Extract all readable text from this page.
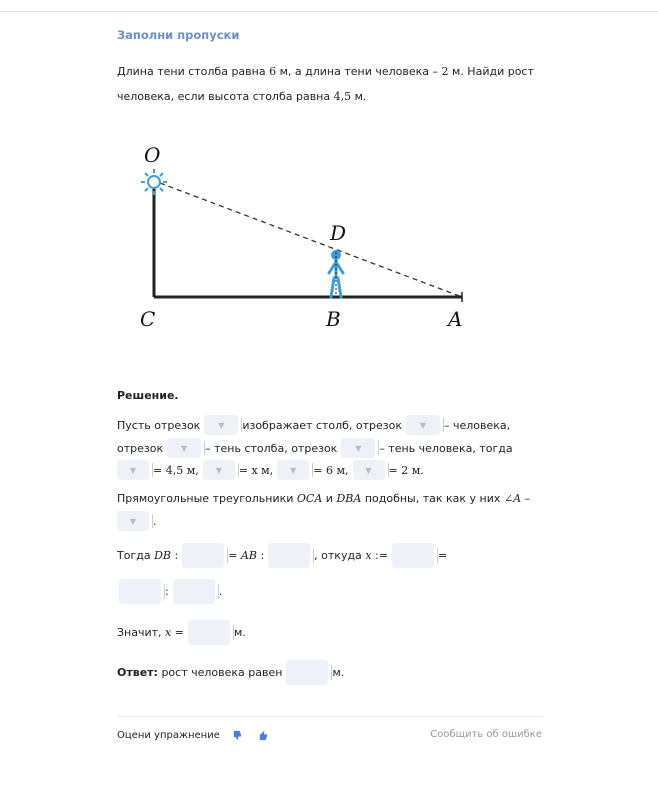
Заполни пропуски
Длина тени столба равна 6 м, а длина тени человека – 2 м. Найди рост
человека, если высота столба равна 4,5 м.
O
D
C	B	A
Решение.
Пусть отрезок ▼ изображает столб, отрезок ▼ – человека,
отрезок ▼ – тень столба, отрезок ▼ – тень человека, тогда
▼ = 4,5 м, ▼ = x м, ▼ = 6 м, ▼ = 2 м.
Прямоугольные треугольники
OCA
и
DBA
подобны, так как у них
∠A
–
▼ .
Тогда
DB
:	= AB
:	, откуда
x
: =	=
:	.
Значит,
x =	м.
Ответ:
рост человека равен	м.
Оцени упражнение	Сообщить об ошибке
